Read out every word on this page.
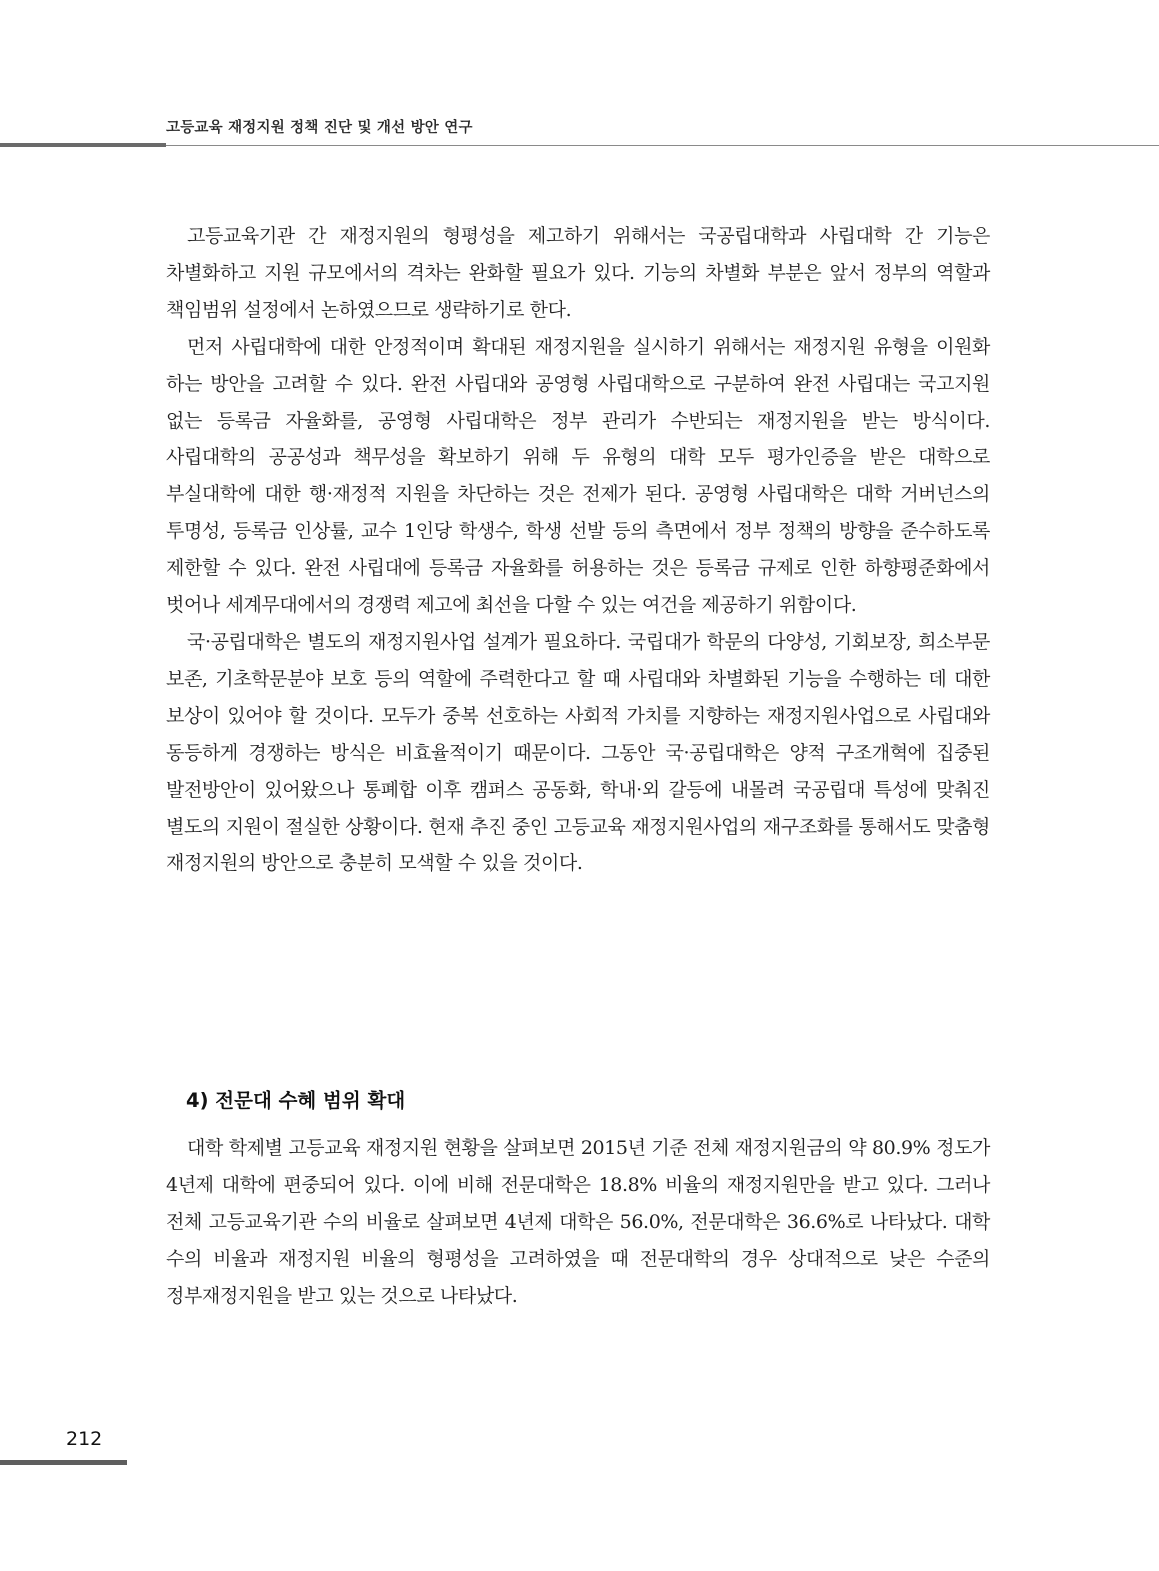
고등교육 재정지원 정책 진단 및 개선 방안 연구

고등교육기관 간 재정지원의 형평성을 제고하기 위해서는 국공립대학과 사립대학 간 기능은 차별화하고 지원 규모에서의 격차는 완화할 필요가 있다. 기능의 차별화 부분은 앞서 정부의 역할과 책임범위 설정에서 논하였으므로 생략하기로 한다.

먼저 사립대학에 대한 안정적이며 확대된 재정지원을 실시하기 위해서는 재정지원 유형을 이원화 하는 방안을 고려할 수 있다. 완전 사립대와 공영형 사립대학으로 구분하여 완전 사립대는 국고지원 없는 등록금 자율화를, 공영형 사립대학은 정부 관리가 수반되는 재정지원을 받는 방식이다. 사립대학의 공공성과 책무성을 확보하기 위해 두 유형의 대학 모두 평가인증을 받은 대학으로 부실대학에 대한 행·재정적 지원을 차단하는 것은 전제가 된다. 공영형 사립대학은 대학 거버넌스의 투명성, 등록금 인상률, 교수 1인당 학생수, 학생 선발 등의 측면에서 정부 정책의 방향을 준수하도록 제한할 수 있다. 완전 사립대에 등록금 자율화를 허용하는 것은 등록금 규제로 인한 하향평준화에서 벗어나 세계무대에서의 경쟁력 제고에 최선을 다할 수 있는 여건을 제공하기 위함이다.

국·공립대학은 별도의 재정지원사업 설계가 필요하다. 국립대가 학문의 다양성, 기회보장, 희소부문 보존, 기초학문분야 보호 등의 역할에 주력한다고 할 때 사립대와 차별화된 기능을 수행하는 데 대한 보상이 있어야 할 것이다. 모두가 중복 선호하는 사회적 가치를 지향하는 재정지원사업으로 사립대와 동등하게 경쟁하는 방식은 비효율적이기 때문이다. 그동안 국·공립대학은 양적 구조개혁에 집중된 발전방안이 있어왔으나 통폐합 이후 캠퍼스 공동화, 학내·외 갈등에 내몰려 국공립대 특성에 맞춰진 별도의 지원이 절실한 상황이다. 현재 추진 중인 고등교육 재정지원사업의 재구조화를 통해서도 맞춤형 재정지원의 방안으로 충분히 모색할 수 있을 것이다.

4) 전문대 수혜 범위 확대

대학 학제별 고등교육 재정지원 현황을 살펴보면 2015년 기준 전체 재정지원금의 약 80.9% 정도가 4년제 대학에 편중되어 있다. 이에 비해 전문대학은 18.8% 비율의 재정지원만을 받고 있다. 그러나 전체 고등교육기관 수의 비율로 살펴보면 4년제 대학은 56.0%, 전문대학은 36.6%로 나타났다. 대학 수의 비율과 재정지원 비율의 형평성을 고려하였을 때 전문대학의 경우 상대적으로 낮은 수준의 정부재정지원을 받고 있는 것으로 나타났다.

212
